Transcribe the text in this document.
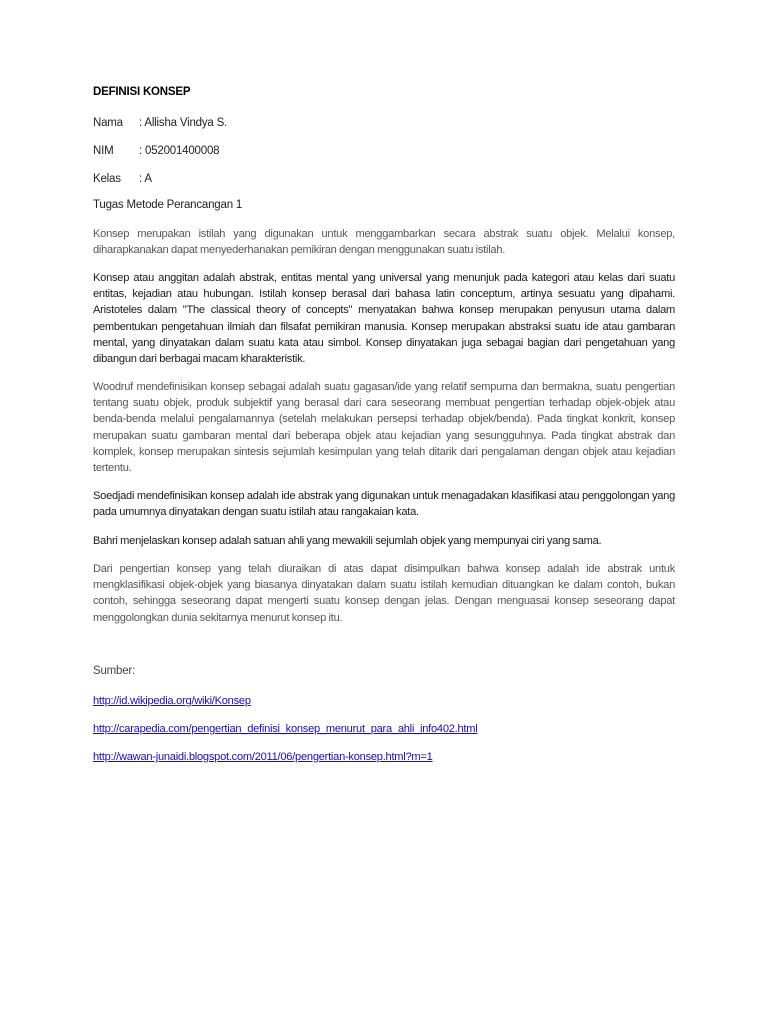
DEFINISI KONSEP
Nama : Allisha Vindya S.
NIM : 052001400008
Kelas : A
Tugas Metode Perancangan 1

Konsep merupakan istilah yang digunakan untuk menggambarkan secara abstrak suatu objek. Melalui konsep, diharapkanakan dapat menyederhanakan pemikiran dengan menggunakan suatu istilah.

Konsep atau anggitan adalah abstrak, entitas mental yang universal yang menunjuk pada kategori atau kelas dari suatu entitas, kejadian atau hubungan. Istilah konsep berasal dari bahasa latin conceptum, artinya sesuatu yang dipahami. Aristoteles dalam "The classical theory of concepts" menyatakan bahwa konsep merupakan penyusun utama dalam pembentukan pengetahuan ilmiah dan filsafat pemikiran manusia. Konsep merupakan abstraksi suatu ide atau gambaran mental, yang dinyatakan dalam suatu kata atau simbol. Konsep dinyatakan juga sebagai bagian dari pengetahuan yang dibangun dari berbagai macam kharakteristik.

Woodruf mendefinisikan konsep sebagai adalah suatu gagasan/ide yang relatif sempurna dan bermakna, suatu pengertian tentang suatu objek, produk subjektif yang berasal dari cara seseorang membuat pengertian terhadap objek-objek atau benda-benda melalui pengalamannya (setelah melakukan persepsi terhadap objek/benda). Pada tingkat konkrit, konsep merupakan suatu gambaran mental dari beberapa objek atau kejadian yang sesungguhnya. Pada tingkat abstrak dan komplek, konsep merupakan sintesis sejumlah kesimpulan yang telah ditarik dari pengalaman dengan objek atau kejadian tertentu.

Soedjadi mendefinisikan konsep adalah ide abstrak yang digunakan untuk menagadakan klasifikasi atau penggolongan yang pada umumnya dinyatakan dengan suatu istilah atau rangakaian kata.

Bahri menjelaskan konsep adalah satuan ahli yang mewakili sejumlah objek yang mempunyai ciri yang sama.

Dari pengertian konsep yang telah diuraikan di atas dapat disimpulkan bahwa konsep adalah ide abstrak untuk mengklasifikasi objek-objek yang biasanya dinyatakan dalam suatu istilah kemudian dituangkan ke dalam contoh, bukan contoh, sehingga seseorang dapat mengerti suatu konsep dengan jelas. Dengan menguasai konsep seseorang dapat menggolongkan dunia sekitarnya menurut konsep itu.

Sumber:
http://id.wikipedia.org/wiki/Konsep
http://carapedia.com/pengertian_definisi_konsep_menurut_para_ahli_info402.html
http://wawan-junaidi.blogspot.com/2011/06/pengertian-konsep.html?m=1
